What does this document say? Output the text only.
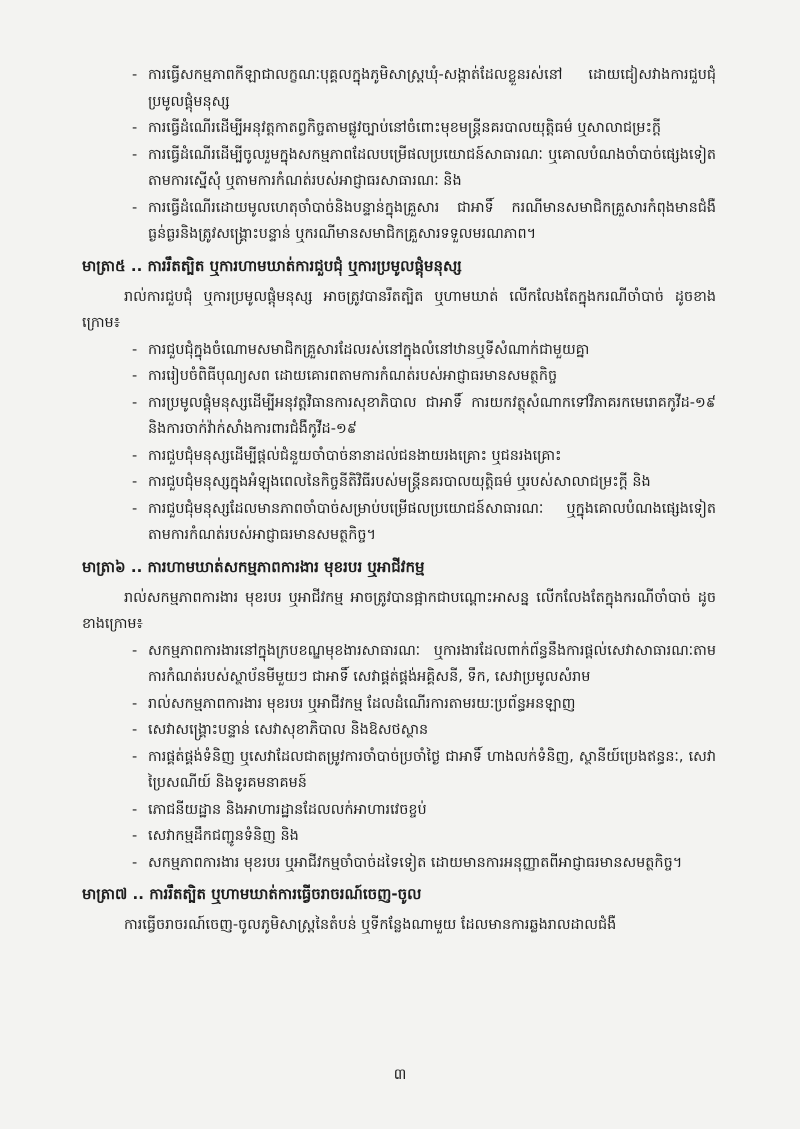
- ការធ្វើសកម្មភាពកីឡាជាលក្ខណៈបុគ្គលក្នុងភូមិសាស្ត្រឃុំ-សង្កាត់ដែលខ្លួនរស់នៅ ដោយជៀសវាងការជួបជុំប្រមូលផ្តុំមនុស្ស
- ការធ្វើដំណើរដើម្បីអនុវត្តកាតព្វកិច្ចតាមផ្លូវច្បាប់នៅចំពោះមុខមន្ត្រីនគរបាលយុត្តិធម៌ ឬសាលាជម្រះក្តី
- ការធ្វើដំណើរដើម្បីចូលរួមក្នុងសកម្មភាពដែលបម្រើផលប្រយោជន៍សាធារណៈ ឬគោលបំណងចាំបាច់ផ្សេងទៀត តាមការស្នើសុំ ឬតាមការកំណត់របស់អាជ្ញាធរសាធារណៈ និង
- ការធ្វើដំណើរដោយមូលហេតុចាំបាច់និងបន្ទាន់ក្នុងគ្រួសារ ជាអាទិ៍ ករណីមានសមាជិកគ្រួសារកំពុងមានជំងឺធ្ងន់ធ្ងរនិងត្រូវសង្គ្រោះបន្ទាន់ ឬករណីមានសមាជិកគ្រួសារទទួលមរណភាព។
មាត្រា៥ .. ការរឹតត្បិត ឬការហាមឃាត់ការជួបជុំ ឬការប្រមូលផ្តុំមនុស្ស

រាល់ការជួបជុំ ឬការប្រមូលផ្តុំមនុស្ស អាចត្រូវបានរឹតត្បិត ឬហាមឃាត់ លើកលែងតែក្នុងករណីចាំបាច់ ដូចខាងក្រោម៖

- ការជួបជុំក្នុងចំណោមសមាជិកគ្រួសារដែលរស់នៅក្នុងលំនៅឋានឬទីសំណាក់ជាមួយគ្នា
- ការរៀបចំពិធីបុណ្យសព ដោយគោរពតាមការកំណត់របស់អាជ្ញាធរមានសមត្ថកិច្ច
- ការប្រមូលផ្តុំមនុស្សដើម្បីអនុវត្តវិធានការសុខាភិបាល ជាអាទិ៍ ការយកវត្ថុសំណាកទៅវិភាគរកមេរោគកូវីដ-១៩ និងការចាក់វ៉ាក់សាំងការពារជំងឺកូវីដ-១៩
- ការជួបជុំមនុស្សដើម្បីផ្តល់ជំនួយចាំបាច់នានាដល់ជនងាយរងគ្រោះ ឬជនរងគ្រោះ
- ការជួបជុំមនុស្សក្នុងអំឡុងពេលនៃកិច្ចនីតិវិធីរបស់មន្ត្រីនគរបាលយុត្តិធម៌ ឬរបស់សាលាជម្រះក្តី និង
- ការជួបជុំមនុស្សដែលមានភាពចាំបាច់សម្រាប់បម្រើផលប្រយោជន៍សាធារណៈ ឬក្នុងគោលបំណងផ្សេងទៀតតាមការកំណត់របស់អាជ្ញាធរមានសមត្ថកិច្ច។
មាត្រា៦ .. ការហាមឃាត់សកម្មភាពការងារ មុខរបរ ឬអាជីវកម្ម

រាល់សកម្មភាពការងារ មុខរបរ ឬអាជីវកម្ម អាចត្រូវបានផ្អាកជាបណ្តោះអាសន្ន លើកលែងតែក្នុងករណីចាំបាច់ ដូចខាងក្រោម៖

- សកម្មភាពការងារនៅក្នុងក្របខណ្ឌមុខងារសាធារណៈ ឬការងារដែលពាក់ព័ន្ធនឹងការផ្តល់សេវាសាធារណៈតាមការកំណត់របស់ស្ថាប័នមីមួយៗ ជាអាទិ៍ សេវាផ្គត់ផ្គង់អគ្គិសនី, ទឹក, សេវាប្រមូលសំរាម
- រាល់សកម្មភាពការងារ មុខរបរ ឬអាជីវកម្ម ដែលដំណើរការតាមរយៈប្រព័ន្ធអនឡាញ
- សេវាសង្គ្រោះបន្ទាន់ សេវាសុខាភិបាល និងឱសថស្ថាន
- ការផ្គត់ផ្គង់ទំនិញ ឬសេវាដែលជាតម្រូវការចាំបាច់ប្រចាំថ្ងៃ ជាអាទិ៍ ហាងលក់ទំនិញ, ស្ថានីយ៍ប្រេងឥន្ធនៈ, សេវាប្រៃសណីយ៍ និងទូរគមនាគមន៍
- ភោជនីយដ្ឋាន និងអាហារដ្ឋានដែលលក់អាហារវេចខ្ចប់
- សេវាកម្មដឹកជញ្ជូនទំនិញ និង
- សកម្មភាពការងារ មុខរបរ ឬអាជីវកម្មចាំបាច់ដទៃទៀត ដោយមានការអនុញ្ញាតពីអាជ្ញាធរមានសមត្ថកិច្ច។
មាត្រា៧ .. ការរឹតត្បិត ឬហាមឃាត់ការធ្វើចរាចរណ៍ចេញ-ចូល

ការធ្វើចរាចរណ៍ចេញ-ចូលភូមិសាស្ត្រនៃតំបន់ ឬទីកន្លែងណាមួយ ដែលមានការឆ្លងរាលដាលជំងឺ

៣
